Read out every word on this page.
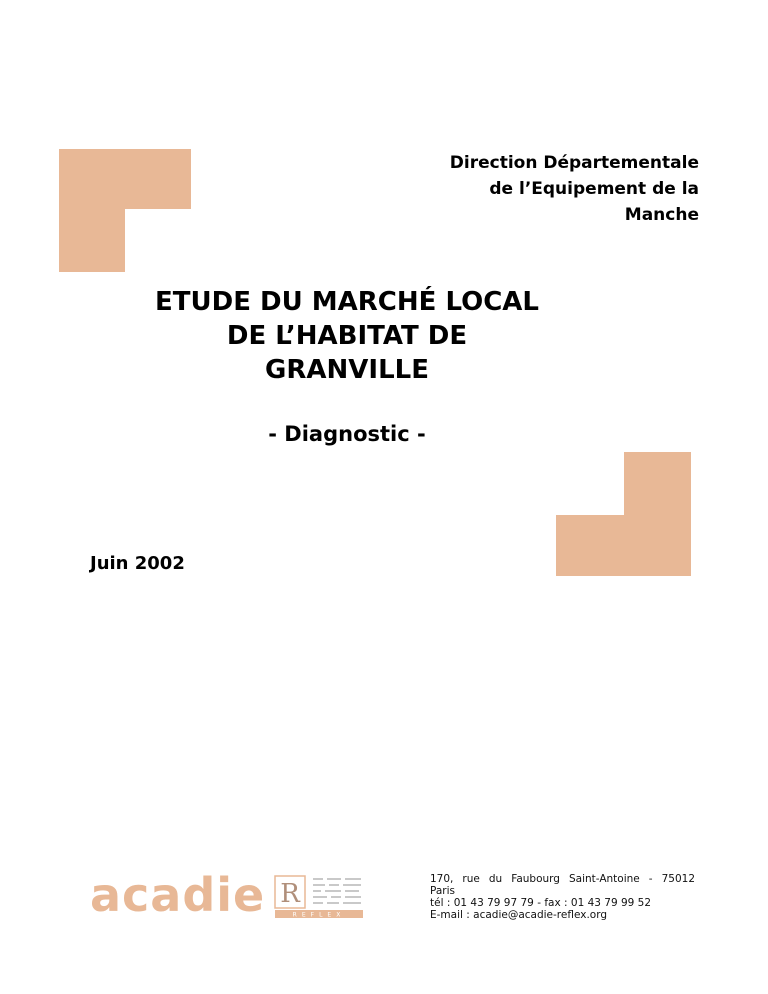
Direction Départementale
de l’Equipement de la
Manche
ETUDE DU MARCHÉ LOCAL
DE L’HABITAT DE
GRANVILLE
- Diagnostic -
Juin 2002
acadie R
REFLEX
170, rue du Faubourg Saint-Antoine - 75012
Paris
tél : 01 43 79 97 79 - fax : 01 43 79 99 52
E-mail : acadie@acadie-reflex.org
